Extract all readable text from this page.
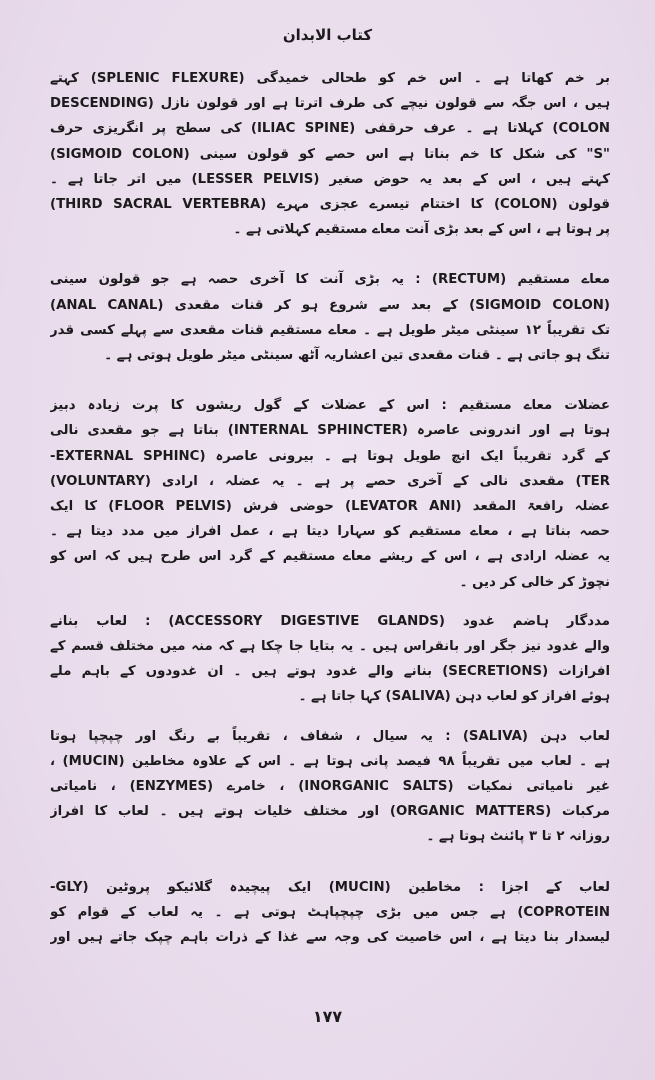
کتاب الابدان
بر خم کھاتا ہے ۔ اس خم کو طحالی خمیدگی (SPLENIC FLEXURE) کہتے
ہیں ، اس جگہ سے قولون نیچے کی طرف اترتا ہے اور قولون نازل (DESCENDING
COLON) کہلاتا ہے ۔ عرف حرقفی (ILIAC SPINE) کی سطح پر انگریزی حرف
"S" کی شکل کا خم بناتا ہے اس حصے کو قولون سینی (SIGMOID COLON)
کہتے ہیں ، اس کے بعد یہ حوض صغیر (LESSER PELVIS) میں اتر جاتا ہے ۔
قولون (COLON) کا اختتام تیسرے عجزی مہرے (THIRD SACRAL VERTEBRA)
پر ہوتا ہے ، اس کے بعد بڑی آنت معاے مستقیم کہلاتی ہے ۔
معاے مستقیم (RECTUM) : یہ بڑی آنت کا آخری حصہ ہے جو قولون سینی
(SIGMOID COLON) کے بعد سے شروع ہو کر قنات مقعدی (ANAL CANAL)
تک تقریباً ۱۲ سینٹی میٹر طویل ہے ۔ معاے مستقیم قنات مقعدی سے پہلے کسی قدر
تنگ ہو جاتی ہے ۔ قنات مقعدی تین اعشاریہ آٹھ سینٹی میٹر طویل ہوتی ہے ۔
عضلات معاے مستقیم : اس کے عضلات کے گول ریشوں کا پرت زیادہ دبیز
ہوتا ہے اور اندرونی عاصرہ (INTERNAL SPHINCTER) بناتا ہے جو مقعدی نالی
کے گرد تقریباً ایک انچ طویل ہوتا ہے ۔ بیرونی عاصرہ (EXTERNAL SPHINC-
TER) مقعدی نالی کے آخری حصے پر ہے ۔ یہ عضلہ ، ارادی (VOLUNTARY)
عضلہ رافعۃ المقعد (LEVATOR ANI) حوضی فرش (FLOOR PELVIS) کا ایک
حصہ بناتا ہے ، معاے مستقیم کو سہارا دیتا ہے ، عمل افراز میں مدد دیتا ہے ۔
یہ عضلہ ارادی ہے ، اس کے ریشے معاے مستقیم کے گرد اس طرح ہیں کہ اس کو
نچوڑ کر خالی کر دیں ۔
مددگار ہاضم غدود (ACCESSORY DIGESTIVE GLANDS) : لعاب بنانے
والے غدود نیز جگر اور بانقراس ہیں ۔ یہ بتایا جا چکا ہے کہ منہ میں مختلف قسم کے
افرازات (SECRETIONS) بنانے والے غدود ہوتے ہیں ۔ ان غدودوں کے باہم ملے
ہوئے افراز کو لعاب دہن (SALIVA) کہا جاتا ہے ۔
لعاب دہن (SALIVA) : یہ سیال ، شفاف ، تقریباً بے رنگ اور چپچپا ہوتا
ہے ۔ لعاب میں تقریباً ۹۸ فیصد پانی ہوتا ہے ۔ اس کے علاوہ مخاطین (MUCIN) ،
غیر نامیاتی نمکیات (INORGANIC SALTS) ، خامرے (ENZYMES) ، نامیاتی
مرکبات (ORGANIC MATTERS) اور مختلف خلیات ہوتے ہیں ۔ لعاب کا افراز
روزانہ ۲ تا ۳ پائنٹ ہوتا ہے ۔
لعاب کے اجزا : مخاطین (MUCIN) ایک پیچیدہ گلائیکو پروٹین (GLY-
COPROTEIN) ہے جس میں بڑی چپچپاہٹ ہوتی ہے ۔ یہ لعاب کے قوام کو
لیسدار بنا دیتا ہے ، اس خاصیت کی وجہ سے غذا کے ذرات باہم چپک جاتے ہیں اور
۱۷۷
